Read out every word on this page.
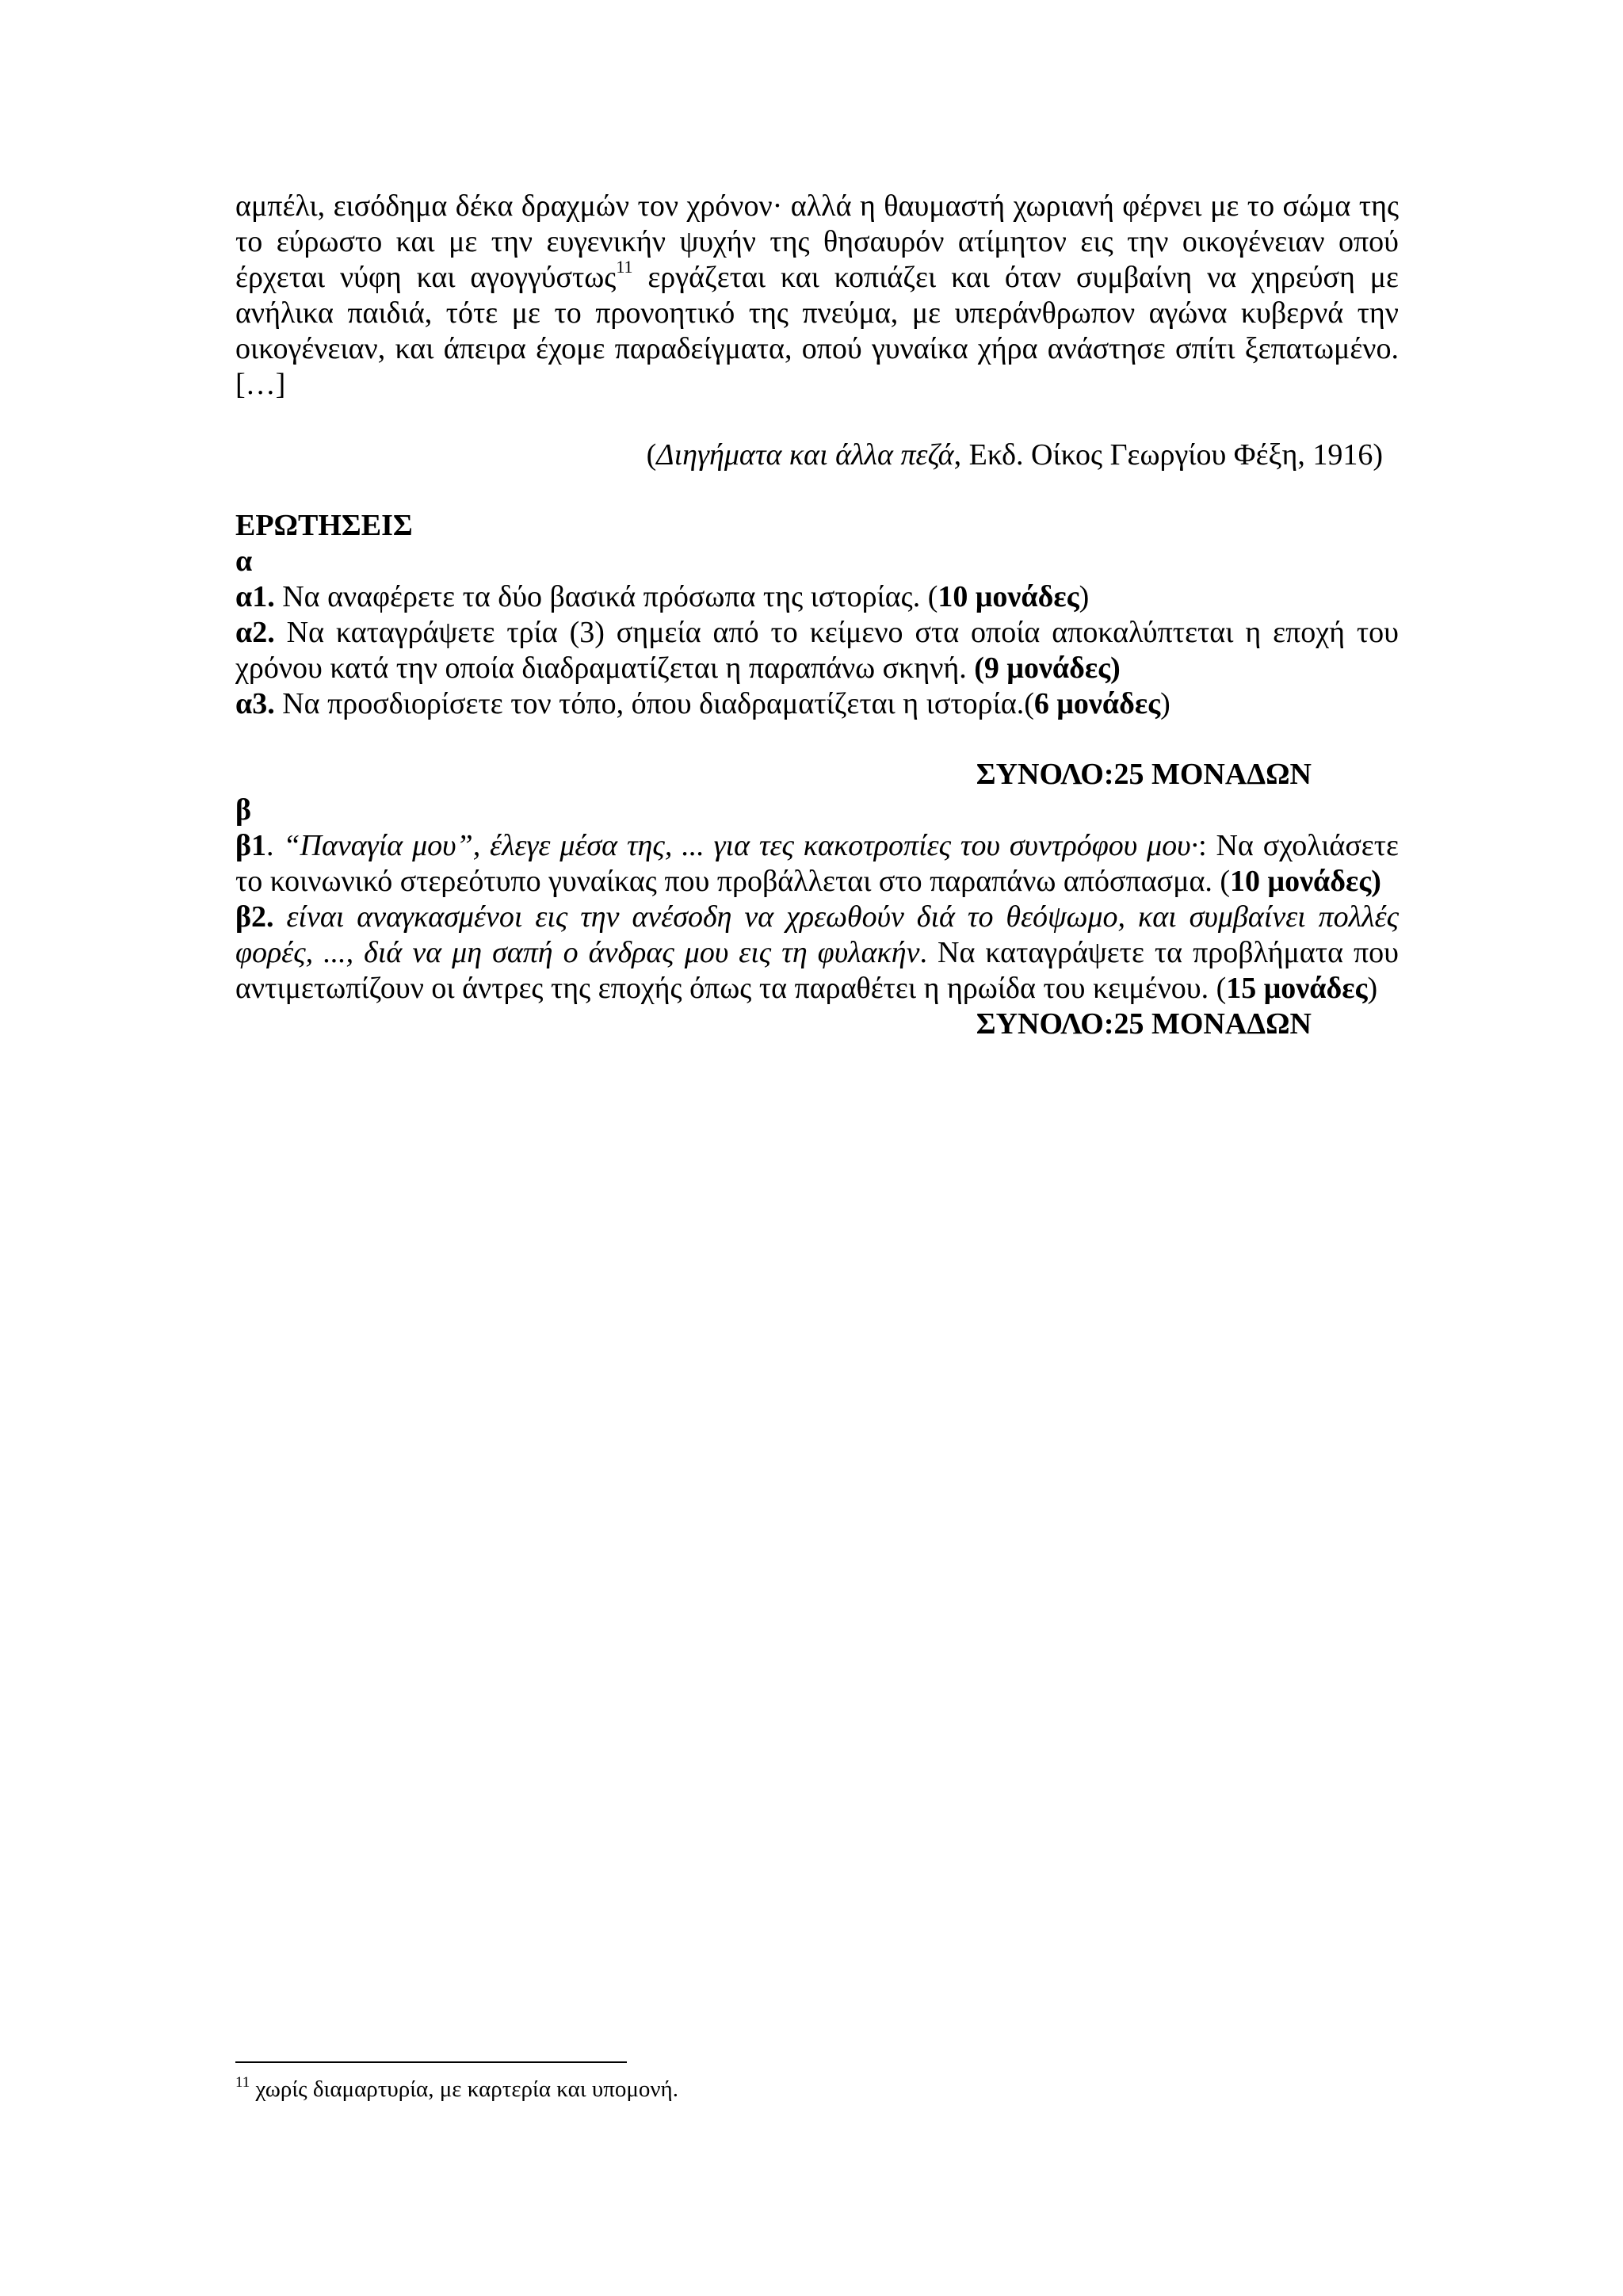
αμπέλι, εισόδημα δέκα δραχμών τον χρόνον· αλλά η θαυμαστή χωριανή φέρνει με το σώμα της το εύρωστο και με την ευγενικήν ψυχήν της θησαυρόν ατίμητον εις την οικογένειαν οπού έρχεται νύφη και αγογγύστως$^{11}$ εργάζεται και κοπιάζει και όταν συμβαίνη να χηρεύση με ανήλικα παιδιά, τότε με το προνοητικό της πνεύμα, με υπεράνθρωπον αγώνα κυβερνά την οικογένειαν, και άπειρα έχομε παραδείγματα, οπού γυναίκα χήρα ανάστησε σπίτι ξεπατωμένο. […]

(Διηγήματα και άλλα πεζά, Εκδ. Οίκος Γεωργίου Φέξη, 1916)

ΕΡΩΤΗΣΕΙΣ

α

α1. Να αναφέρετε τα δύο βασικά πρόσωπα της ιστορίας. (10 μονάδες)

α2. Να καταγράψετε τρία (3) σημεία από το κείμενο στα οποία αποκαλύπτεται η εποχή του χρόνου κατά την οποία διαδραματίζεται η παραπάνω σκηνή. (9 μονάδες)

α3. Να προσδιορίσετε τον τόπο, όπου διαδραματίζεται η ιστορία.(6 μονάδες)

ΣΥΝΟΛΟ:25 ΜΟΝΑΔΩΝ

β

β1. “Παναγία μου”, έλεγε μέσα της, ... για τες κακοτροπίες του συντρόφου μου·: Να σχολιάσετε το κοινωνικό στερεότυπο γυναίκας που προβάλλεται στο παραπάνω απόσπασμα. (10 μονάδες)

β2. είναι αναγκασμένοι εις την ανέσοδη να χρεωθούν διά το θεόψωμο, και συμβαίνει πολλές φορές, ..., διά να μη σαπή ο άνδρας μου εις τη φυλακήν. Να καταγράψετε τα προβλήματα που αντιμετωπίζουν οι άντρες της εποχής όπως τα παραθέτει η ηρωίδα του κειμένου. (15 μονάδες)

ΣΥΝΟΛΟ:25 ΜΟΝΑΔΩΝ

$^{11}$ χωρίς διαμαρτυρία, με καρτερία και υπομονή.
